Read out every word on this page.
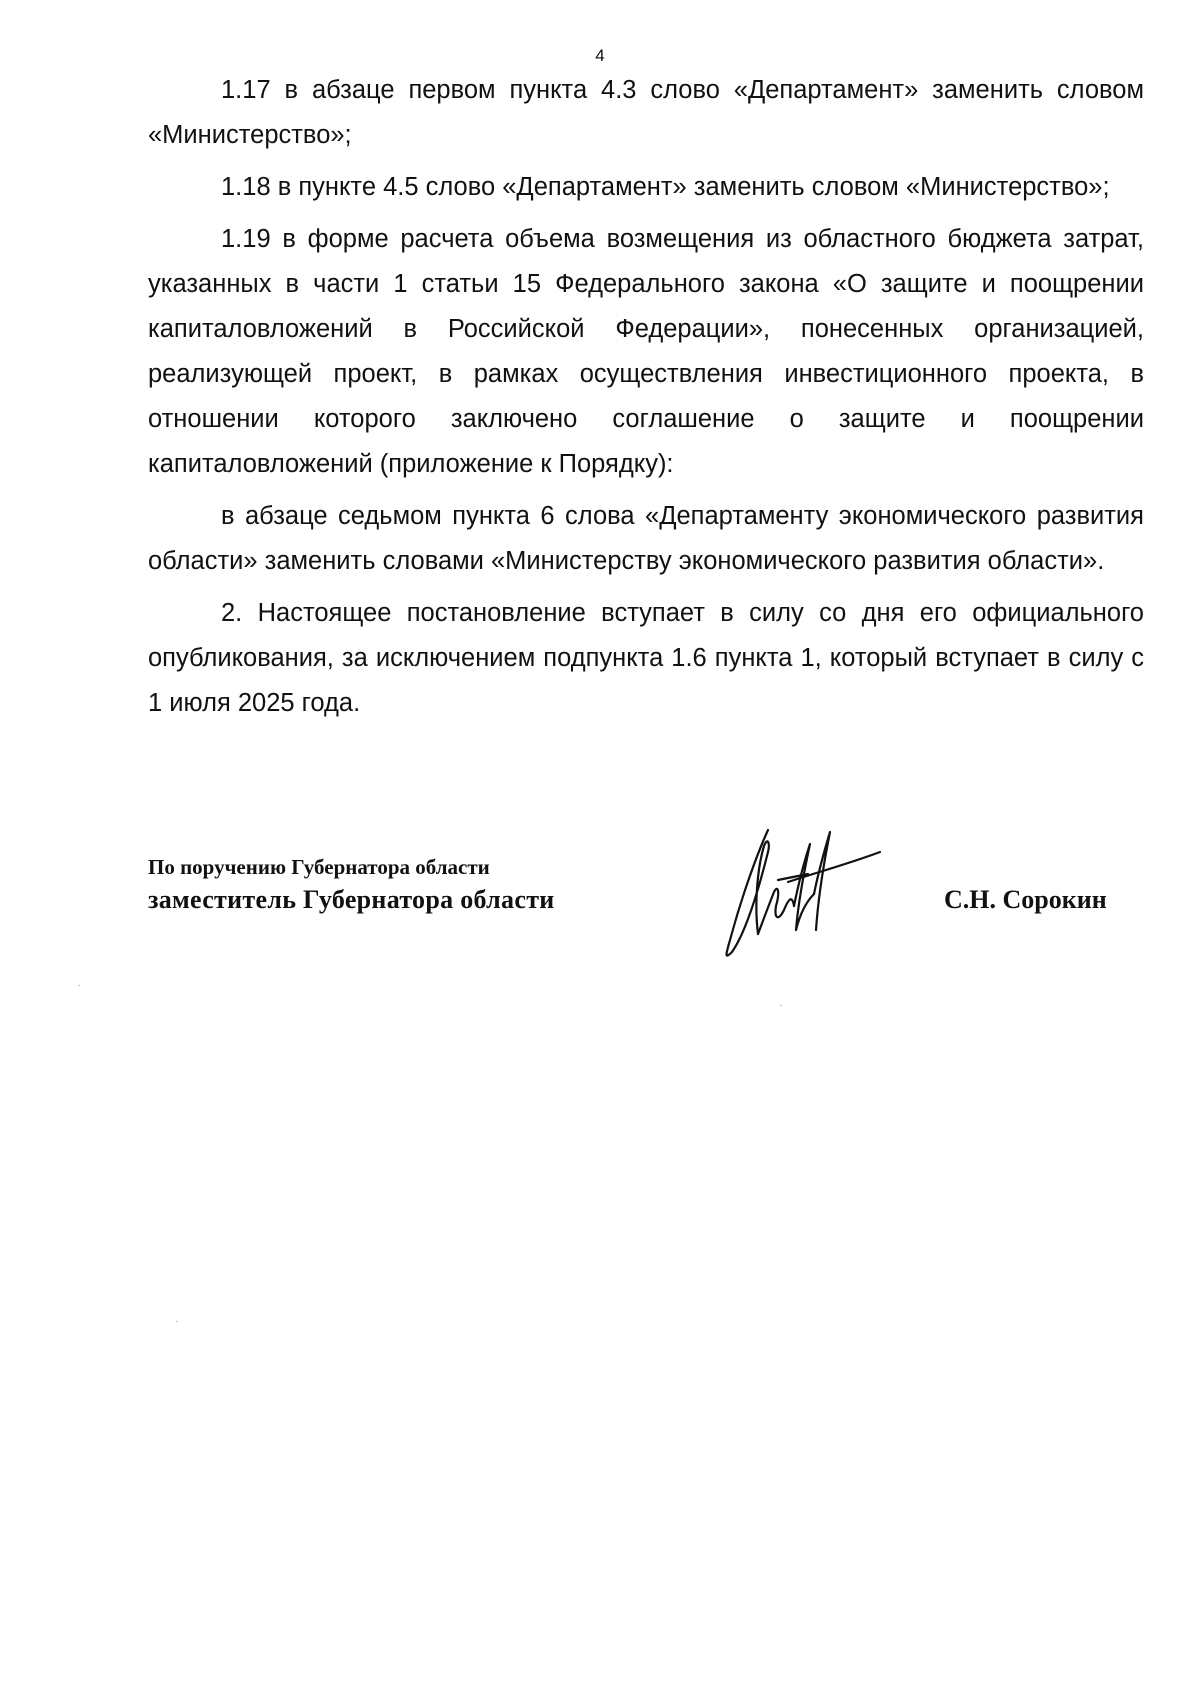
4

1.17 в абзаце первом пункта 4.3 слово «Департамент» заменить словом «Министерство»;

1.18 в пункте 4.5 слово «Департамент» заменить словом «Министерство»;

1.19 в форме расчета объема возмещения из областного бюджета затрат, указанных в части 1 статьи 15 Федерального закона «О защите и поощрении капиталовложений в Российской Федерации», понесенных организацией, реализующей проект, в рамках осуществления инвестиционного проекта, в отношении которого заключено соглашение о защите и поощрении капиталовложений (приложение к Порядку):

в абзаце седьмом пункта 6 слова «Департаменту экономического развития области» заменить словами «Министерству экономического развития области».

2. Настоящее постановление вступает в силу со дня его официального опубликования, за исключением подпункта 1.6 пункта 1, который вступает в силу с 1 июля 2025 года.

По поручению Губернатора области
заместитель Губернатора области	С.Н. Сорокин
